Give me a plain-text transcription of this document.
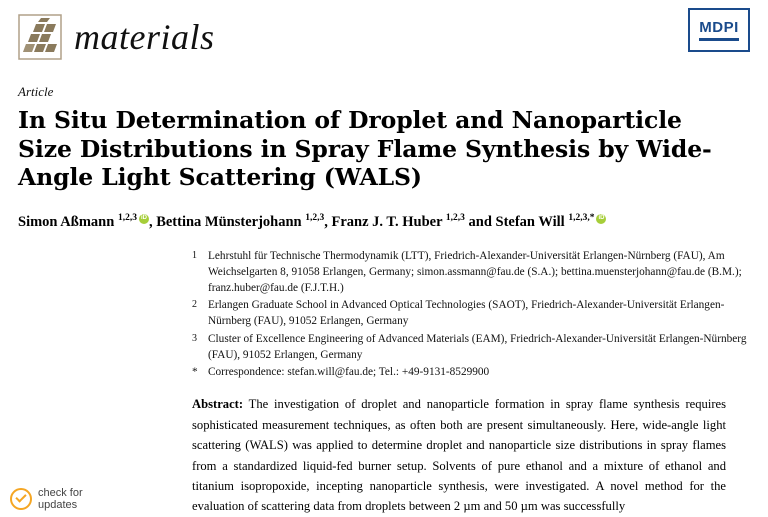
materials	MDPI
Article
In Situ Determination of Droplet and Nanoparticle Size Distributions in Spray Flame Synthesis by Wide-Angle Light Scattering (WALS)
Simon Aßmann $^{1,2,3}$ iD , Bettina Münsterjohann $^{1,2,3}$, Franz J. T. Huber $^{1,2,3}$ and Stefan Will $^{1,2,3,*}$iD
1 Lehrstuhl für Technische Thermodynamik (LTT), Friedrich-Alexander-Universität Erlangen-Nürnberg (FAU), Am Weichselgarten 8, 91058 Erlangen, Germany; simon.assmann@fau.de (S.A.); bettina.muensterjohann@fau.de (B.M.); franz.huber@fau.de (F.J.T.H.)
2 Erlangen Graduate School in Advanced Optical Technologies (SAOT), Friedrich-Alexander-Universität Erlangen-Nürnberg (FAU), 91052 Erlangen, Germany
3 Cluster of Excellence Engineering of Advanced Materials (EAM), Friedrich-Alexander-Universität Erlangen-Nürnberg (FAU), 91052 Erlangen, Germany
* Correspondence: stefan.will@fau.de; Tel.: +49-9131-8529900
Abstract: The investigation of droplet and nanoparticle formation in spray flame synthesis requires sophisticated measurement techniques, as often both are present simultaneously. Here, wide-angle light scattering (WALS) was applied to determine droplet and nanoparticle size distributions in spray flames from a standardized liquid-fed burner setup. Solvents of pure ethanol and a mixture of ethanol and titanium isopropoxide, incepting nanoparticle synthesis, were investigated. A novel method for the evaluation of scattering data from droplets between 2 µm and 50 µm was successfully
check for
updates
